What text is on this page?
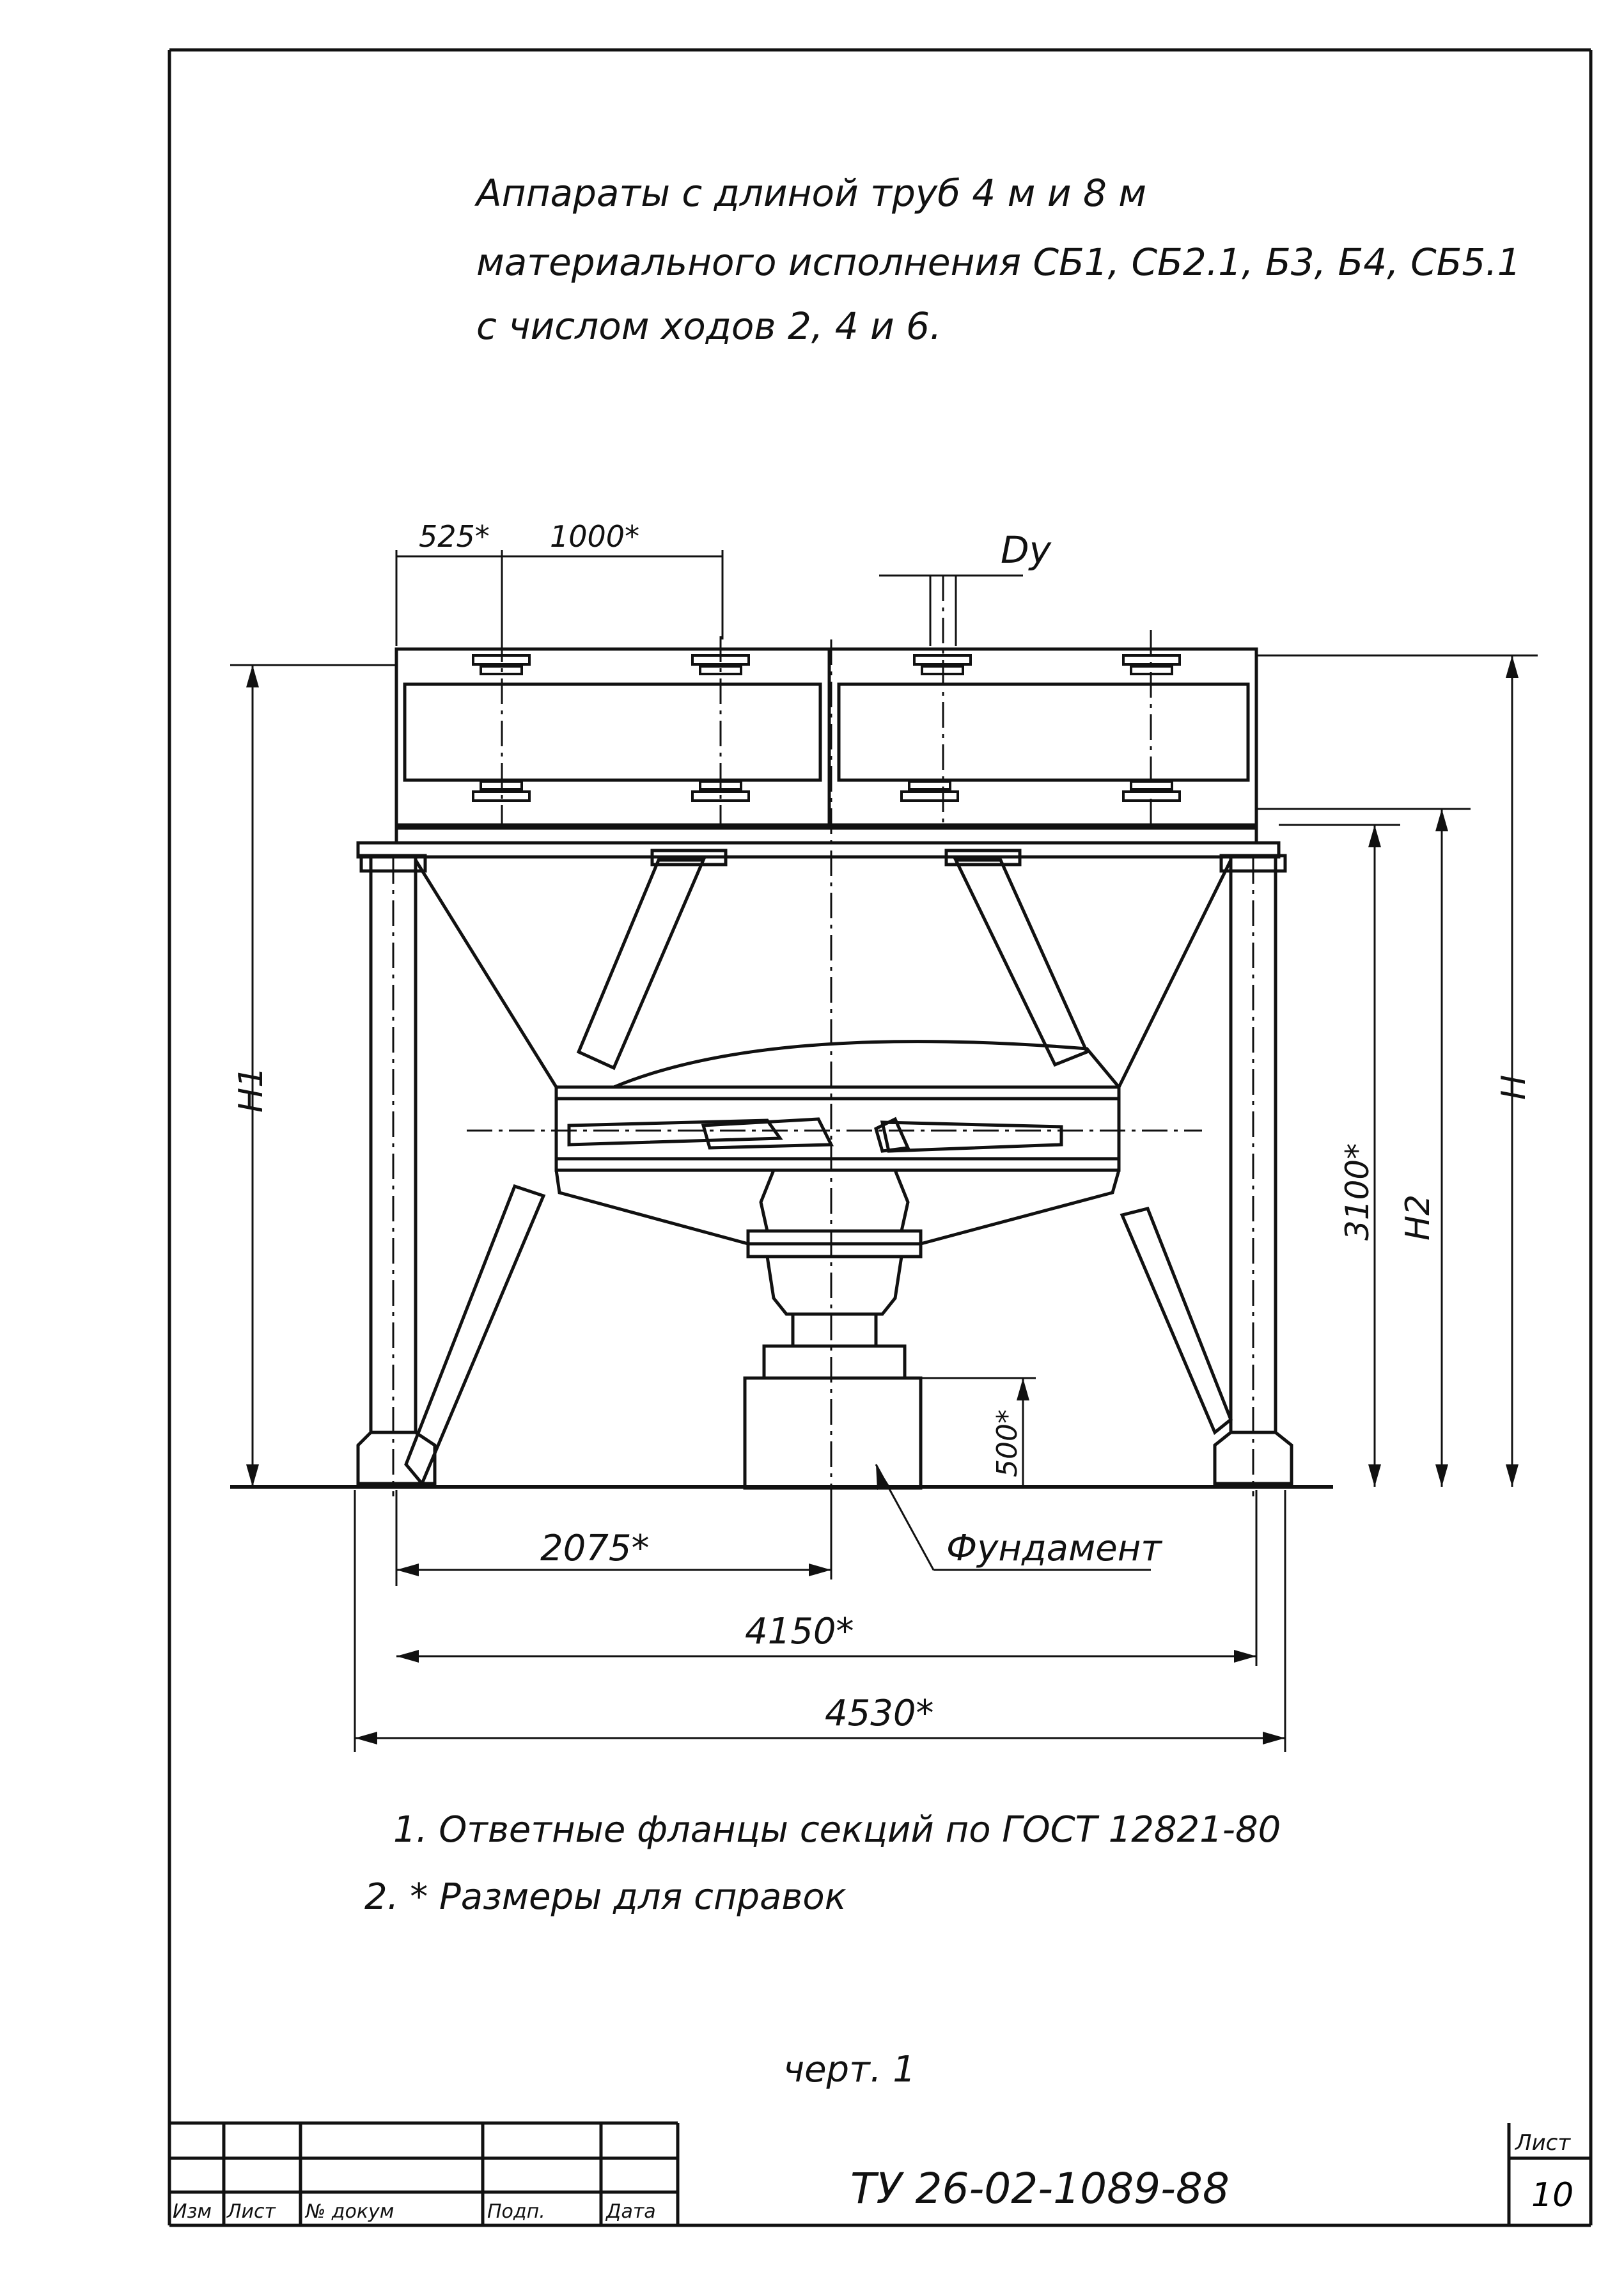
Аппараты с длиной труб 4 м и 8 м
материального исполнения СБ1, СБ2.1, Б3, Б4, СБ5.1
с числом ходов 2, 4 и 6.
525* 1000*	Dу
H1	H
H2
3100*
500*
2075*
4150*
4530*
Фундамент
1. Ответные фланцы секций по ГОСТ 12821-80
2. * Размеры для справок
черт. 1
Изм Лист № докум	Подп.	Дата	ТУ 26-02-1089-88
Лист
10
